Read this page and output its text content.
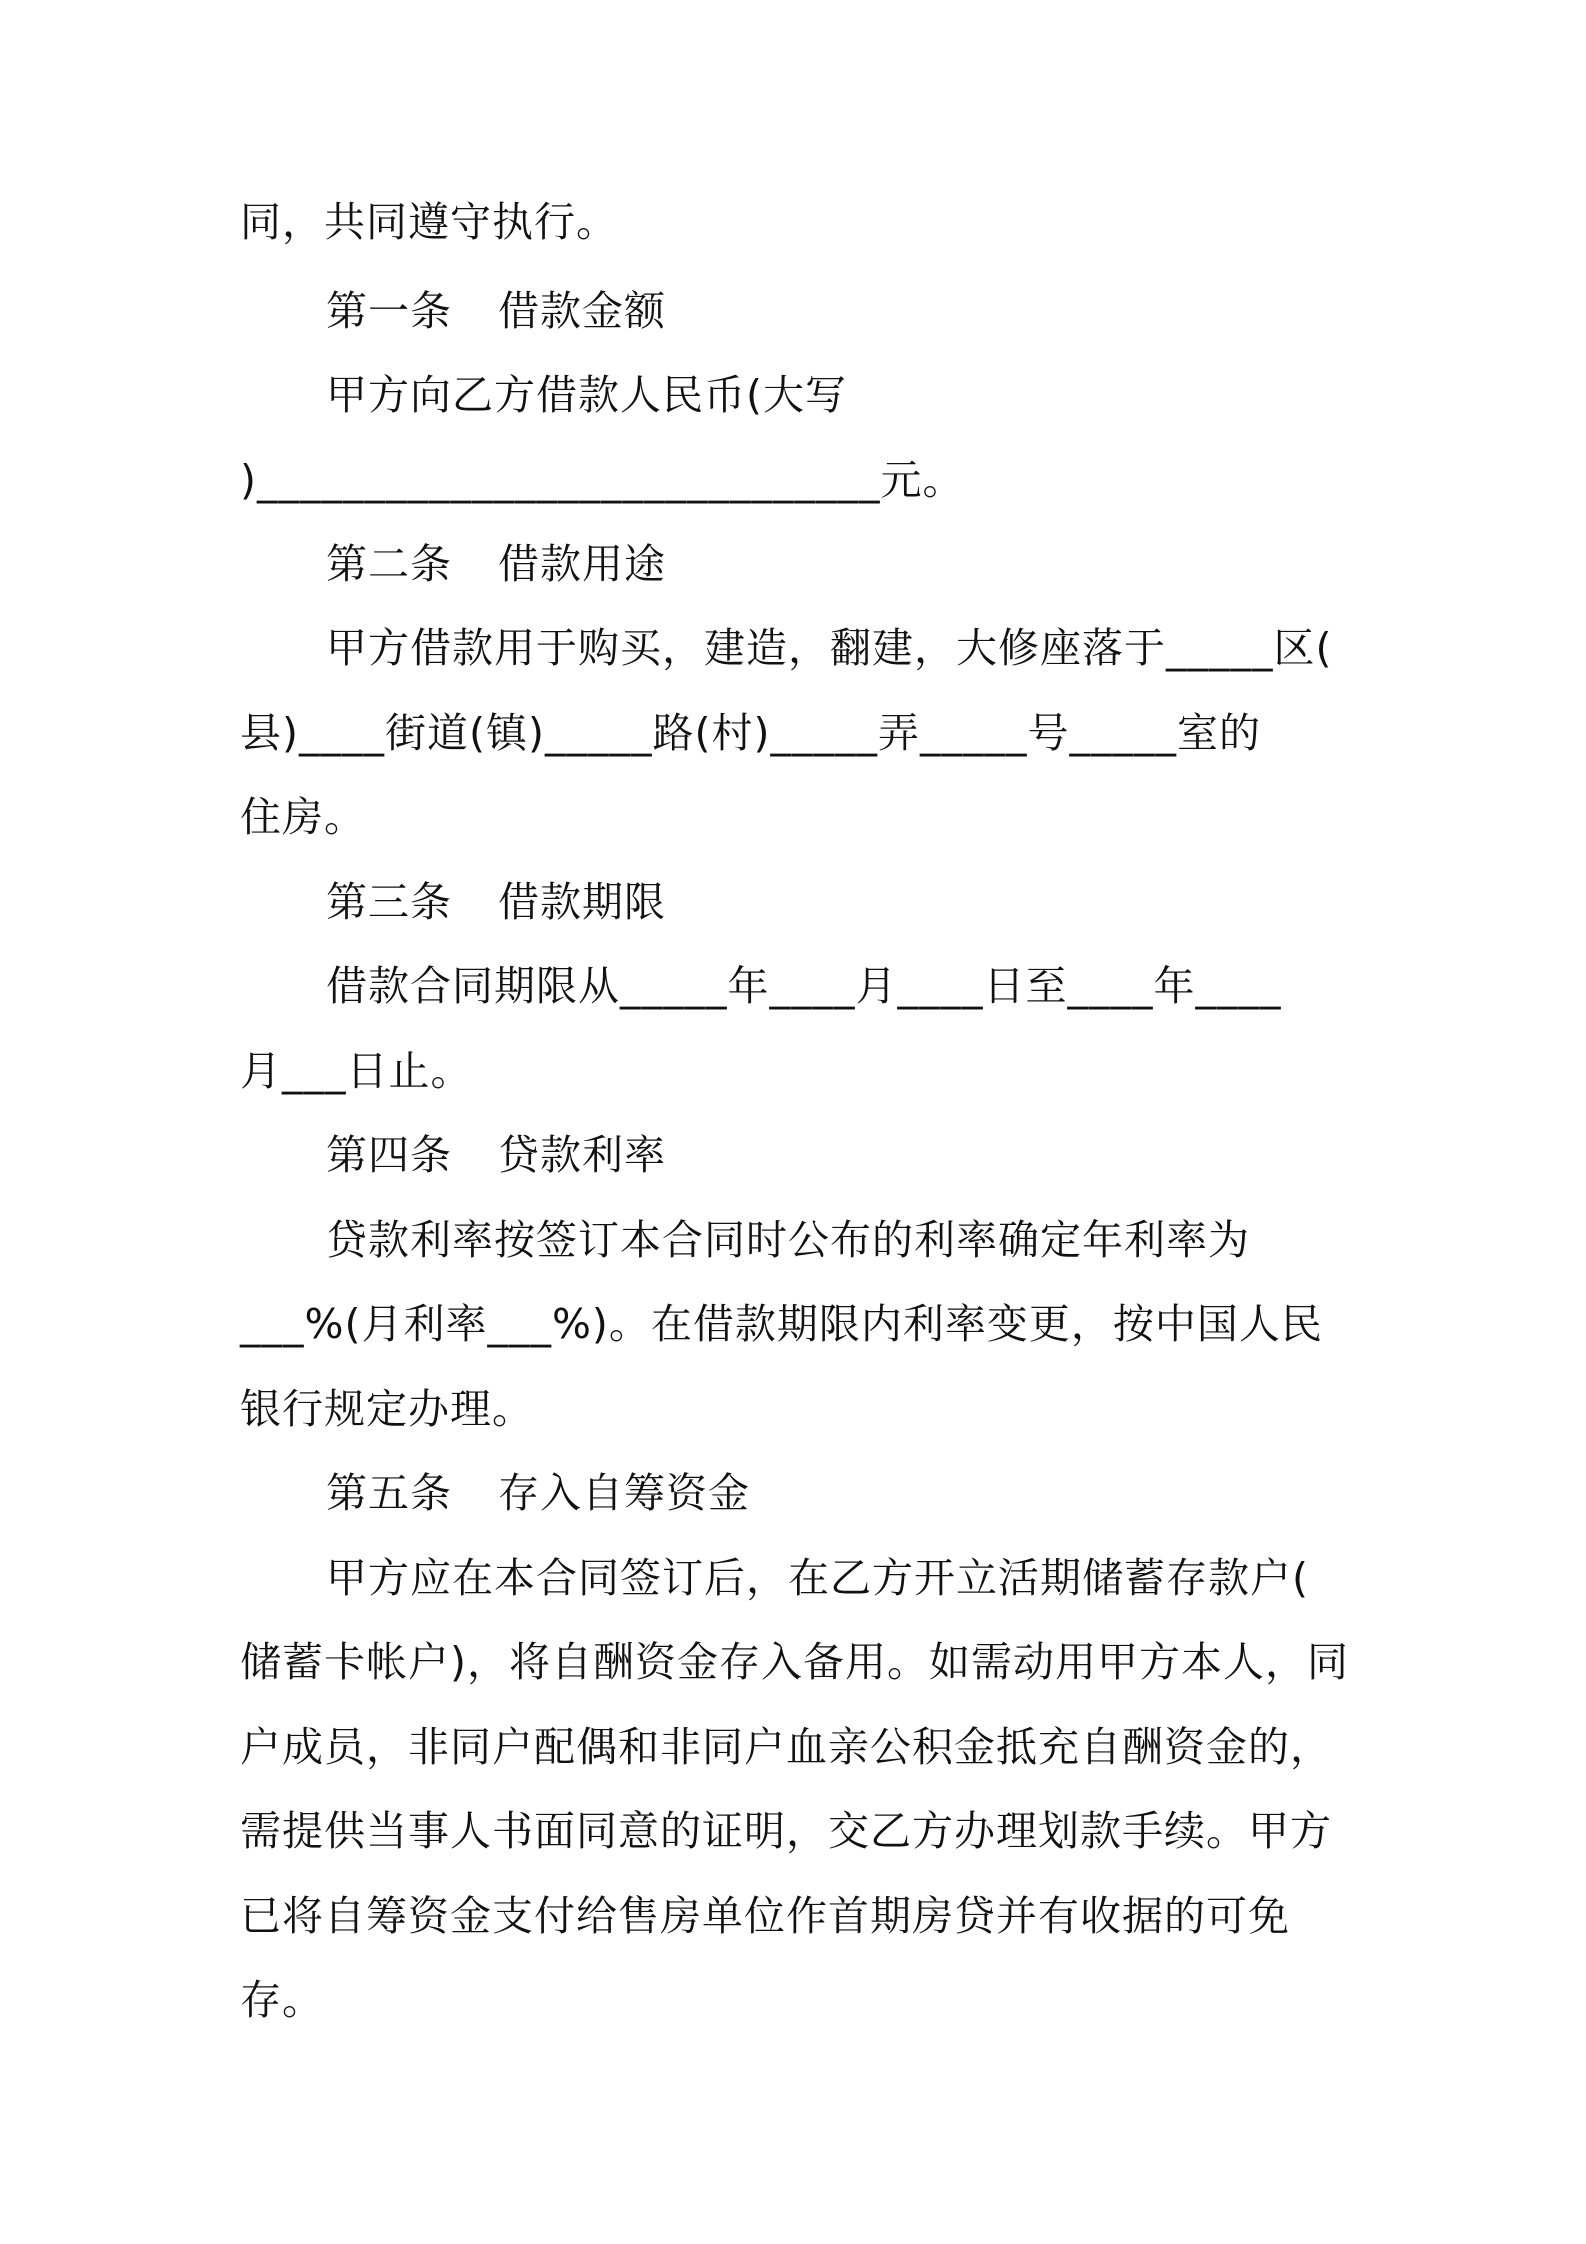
同，共同遵守执行。
第一条 借款金额
甲方向乙方借款人民币(大写
)_____________________________元。
第二条 借款用途
甲方借款用于购买，建造，翻建，大修座落于_____区(
县)____街道(镇)_____路(村)_____弄_____号_____室的
住房。
第三条 借款期限
借款合同期限从_____年____月____日至____年____
月___日止。
第四条 贷款利率
贷款利率按签订本合同时公布的利率确定年利率为
___%(月利率___%)。在借款期限内利率变更，按中国人民
银行规定办理。
第五条 存入自筹资金
甲方应在本合同签订后，在乙方开立活期储蓄存款户(
储蓄卡帐户)，将自酬资金存入备用。如需动用甲方本人，同
户成员，非同户配偶和非同户血亲公积金抵充自酬资金的，
需提供当事人书面同意的证明，交乙方办理划款手续。甲方
已将自筹资金支付给售房单位作首期房贷并有收据的可免
存。
